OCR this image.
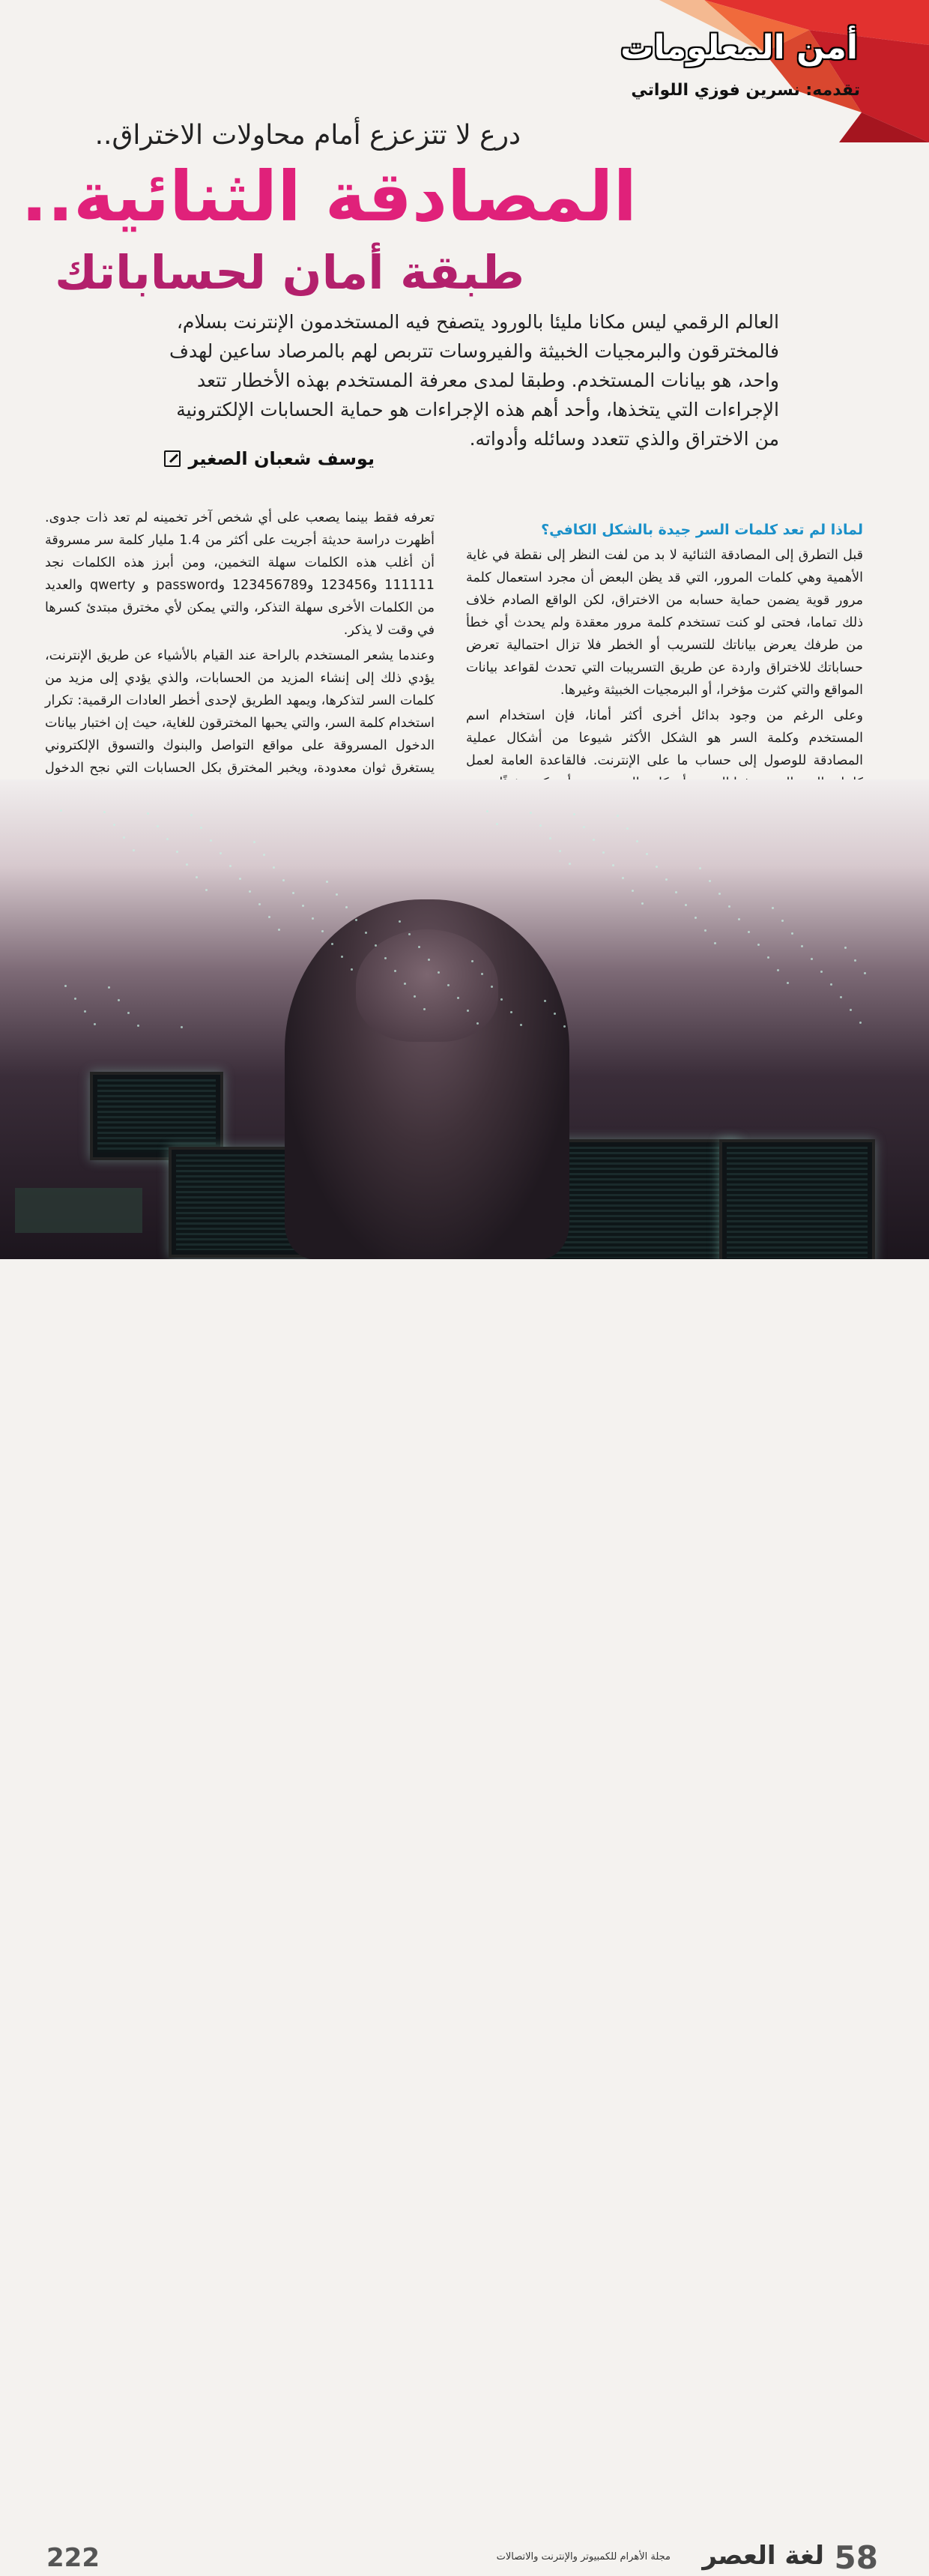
أمن المعلومات
تقدمه: نسرين فوزي اللواتي
درع لا تتزعزع أمام محاولات الاختراق..
المصادقة الثنائية..
طبقة أمان لحساباتك
العالم الرقمي ليس مكانا مليئا بالورود يتصفح فيه المستخدمون الإنترنت بسلام، فالمخترقون والبرمجيات الخبيثة والفيروسات تتربص لهم بالمرصاد ساعين لهدف واحد، هو بيانات المستخدم. وطبقا لمدى معرفة المستخدم بهذه الأخطار تتعد الإجراءات التي يتخذها، وأحد أهم هذه الإجراءات هو حماية الحسابات الإلكترونية من الاختراق والذي تتعدد وسائله وأدواته.
يوسف شعبان الصغير

لماذا لم تعد كلمات السر جيدة بالشكل الكافي؟

قبل التطرق إلى المصادقة الثنائية لا بد من لفت النظر إلى نقطة في غاية الأهمية وهي كلمات المرور، التي قد يظن البعض أن مجرد استعمال كلمة مرور قوية يضمن حماية حسابه من الاختراق، لكن الواقع الصادم خلاف ذلك تماما، فحتى لو كنت تستخدم كلمة مرور معقدة ولم يحدث أي خطأ من طرفك يعرض بياناتك للتسريب أو الخطر فلا تزال احتمالية تعرض حساباتك للاختراق واردة عن طريق التسريبات التي تحدث لقواعد بيانات المواقع والتي كثرت مؤخرا، أو البرمجيات الخبيثة وغيرها.

وعلى الرغم من وجود بدائل أخرى أكثر أمانا، فإن استخدام اسم المستخدم وكلمة السر هو الشكل الأكثر شيوعا من أشكال عملية المصادقة للوصول إلى حساب ما على الإنترنت. فالقاعدة العامة لعمل

تعرفه فقط بينما يصعب على أي شخص آخر تخمينه لم تعد ذات جدوى. أظهرت دراسة حديثة أجريت على أكثر من 1.4 مليار كلمة سر مسروقة أن أغلب هذه الكلمات سهلة التخمين، ومن أبرز هذه الكلمات نجد 111111 و123456 و123456789 وpassword و qwerty والعديد من الكلمات الأخرى سهلة التذكر، والتي يمكن لأي مخترق مبتدئ كسرها في وقت لا يذكر.

وعندما يشعر المستخدم بالراحة عند القيام بالأشياء عن طريق الإنترنت، يؤدي ذلك إلى إنشاء المزيد من الحسابات، والذي يؤدي إلى مزيد من كلمات السر لتذكرها، ويمهد الطريق لإحدى أخطر العادات الرقمية: تكرار استخدام كلمة السر، والتي يحبها المخترقون للغاية، حيث إن اختبار بيانات الدخول المسروقة على مواقع التواصل والبنوك والتسوق الإلكتروني يستغرق ثوان معدودة، ويخبر المخترق بكل الحسابات التي نجح الدخول

222	مجلة الأهرام للكمبيوتر والإنترنت والاتصالات لغة العصر 58
